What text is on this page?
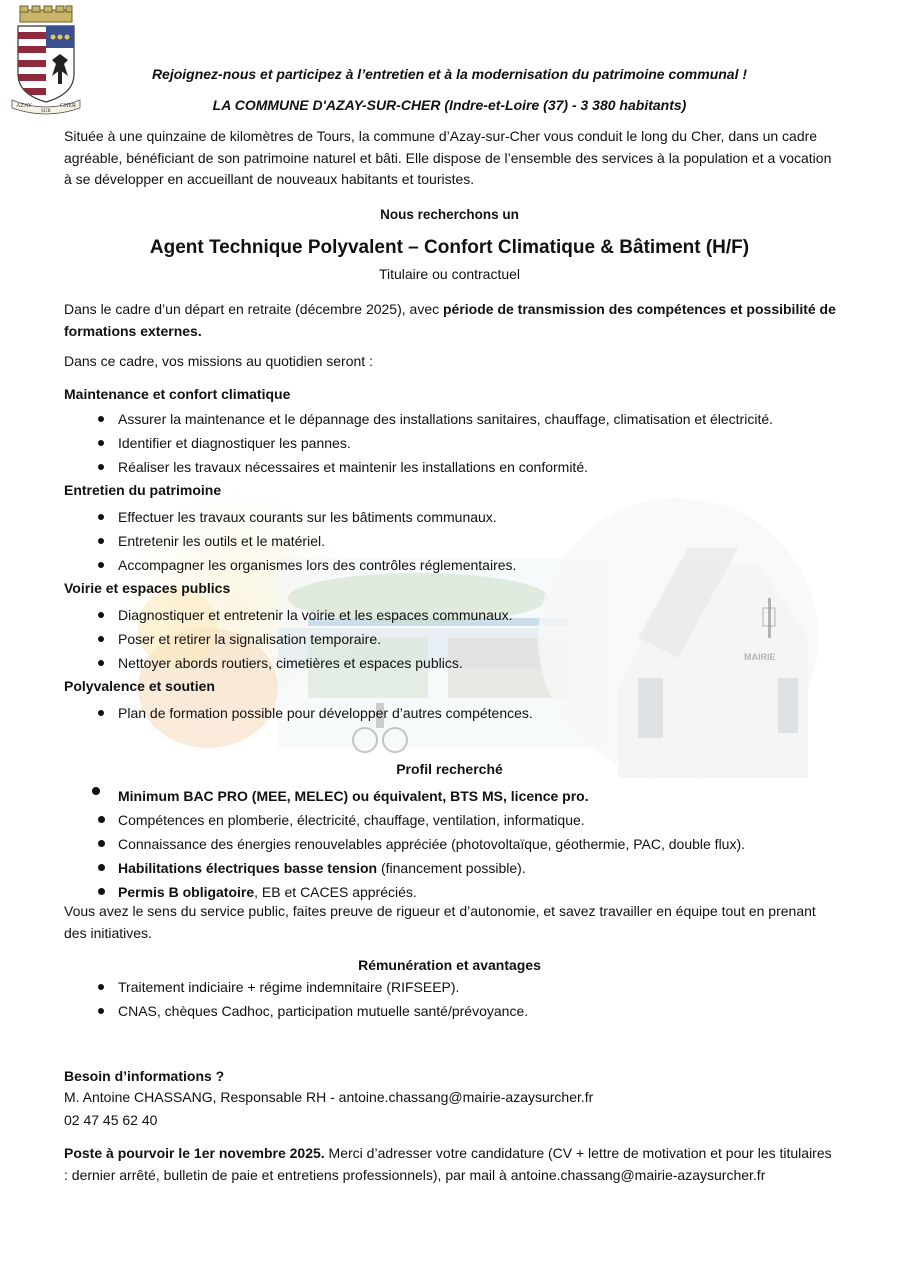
MAIRIE
AZAY
SUR
CHER
Rejoignez-nous et participez à l’entretien et à la modernisation du patrimoine communal !
LA COMMUNE D'AZAY-SUR-CHER (Indre-et-Loire (37) - 3 380 habitants)
Située à une quinzaine de kilomètres de Tours, la commune d’Azay-sur-Cher vous conduit le long du Cher, dans un cadre agréable, bénéficiant de son patrimoine naturel et bâti. Elle dispose de l’ensemble des services à la population et a vocation à se développer en accueillant de nouveaux habitants et touristes.
Nous recherchons un
Agent Technique Polyvalent – Confort Climatique & Bâtiment (H/F)
Titulaire ou contractuel
Dans le cadre d’un départ en retraite (décembre 2025), avec période de transmission des compétences et possibilité de formations externes.
Dans ce cadre, vos missions au quotidien seront :
Maintenance et confort climatique
Assurer la maintenance et le dépannage des installations sanitaires, chauffage, climatisation et électricité.
Identifier et diagnostiquer les pannes.
Réaliser les travaux nécessaires et maintenir les installations en conformité.
Entretien du patrimoine
Effectuer les travaux courants sur les bâtiments communaux.
Entretenir les outils et le matériel.
Accompagner les organismes lors des contrôles réglementaires.
Voirie et espaces publics
Diagnostiquer et entretenir la voirie et les espaces communaux.
Poser et retirer la signalisation temporaire.
Nettoyer abords routiers, cimetières et espaces publics.
Polyvalence et soutien
Plan de formation possible pour développer d’autres compétences.
Profil recherché
Minimum BAC PRO (MEE, MELEC) ou équivalent, BTS MS, licence pro.
Compétences en plomberie, électricité, chauffage, ventilation, informatique.
Connaissance des énergies renouvelables appréciée (photovoltaïque, géothermie, PAC, double flux).
Habilitations électriques basse tension (financement possible).
Permis B obligatoire, EB et CACES appréciés.
Vous avez le sens du service public, faites preuve de rigueur et d’autonomie, et savez travailler en équipe tout en prenant des initiatives.
Rémunération et avantages
Traitement indiciaire + régime indemnitaire (RIFSEEP).
CNAS, chèques Cadhoc, participation mutuelle santé/prévoyance.
Besoin d’informations ?
M. Antoine CHASSANG, Responsable RH - antoine.chassang@mairie-azaysurcher.fr
02 47 45 62 40
Poste à pourvoir le 1er novembre 2025. Merci d’adresser votre candidature (CV + lettre de motivation et pour les titulaires : dernier arrêté, bulletin de paie et entretiens professionnels), par mail à antoine.chassang@mairie-azaysurcher.fr
